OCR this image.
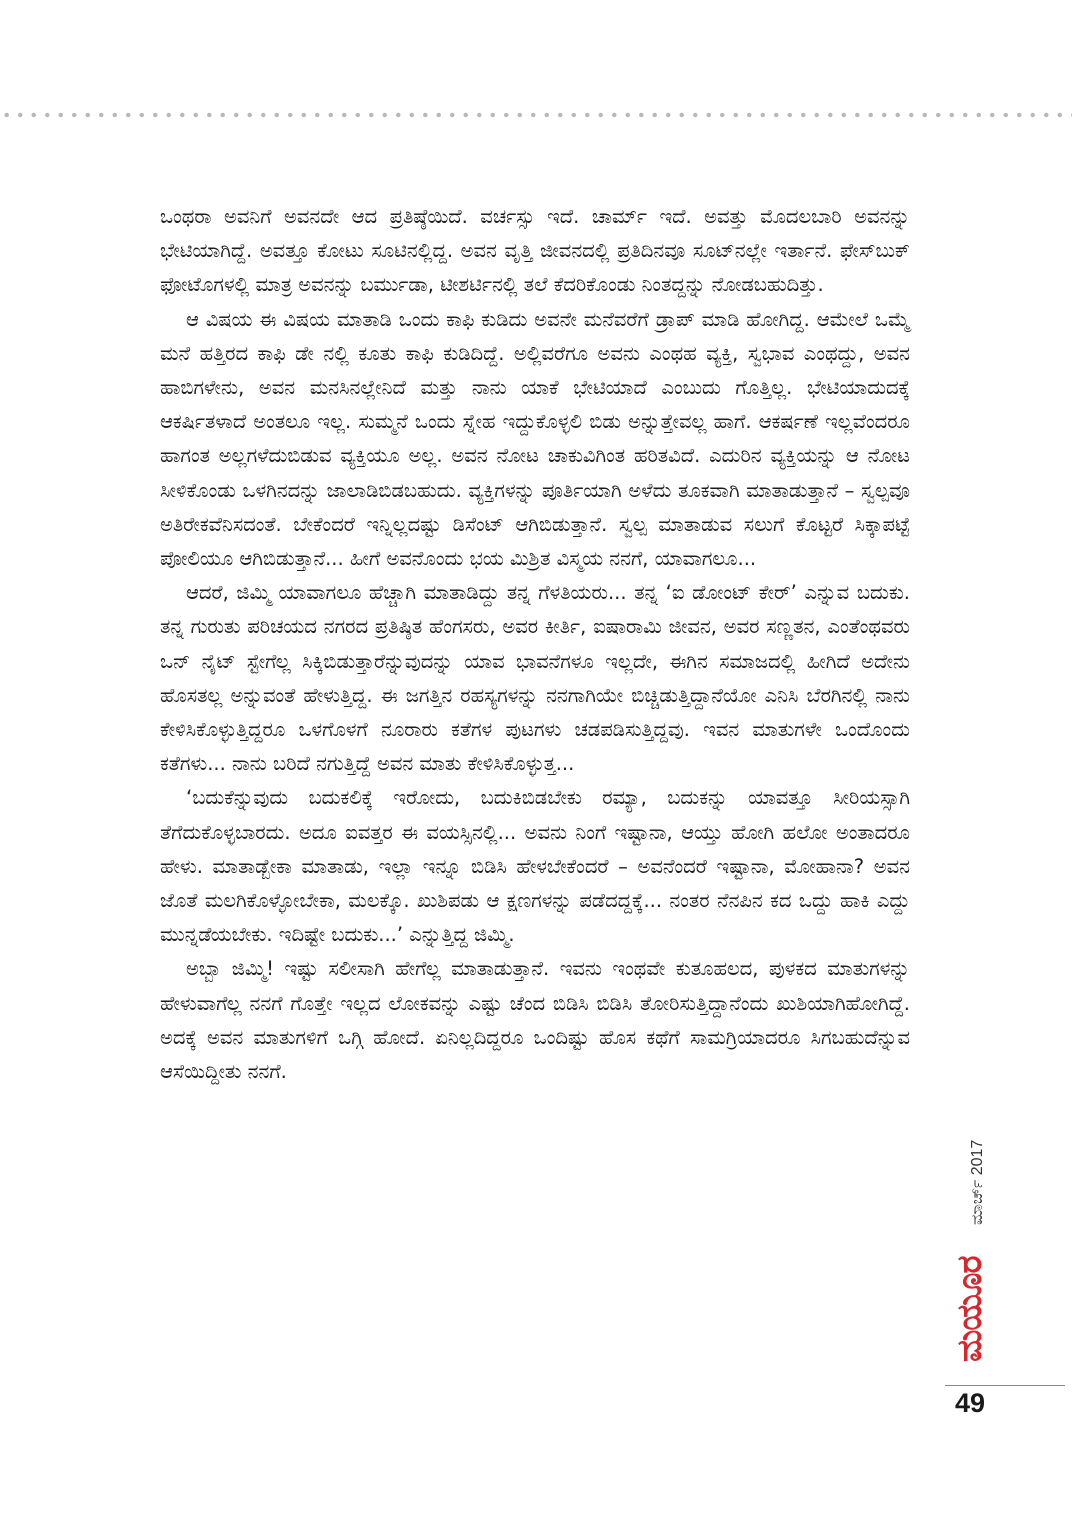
ಒಂಥರಾ ಅವನಿಗೆ ಅವನದೇ ಆದ ಪ್ರತಿಷ್ಠೆಯಿದೆ. ವರ್ಚಸ್ಸು ಇದೆ. ಚಾರ್ಮ್ ಇದೆ. ಅವತ್ತು ಮೊದಲಬಾರಿ ಅವನನ್ನು ಭೇಟಿಯಾಗಿದ್ದೆ. ಅವತ್ತೂ ಕೋಟು ಸೂಟಿನಲ್ಲಿದ್ದ. ಅವನ ವೃತ್ತಿ ಜೀವನದಲ್ಲಿ ಪ್ರತಿದಿನವೂ ಸೂಟ್‌ನಲ್ಲೇ ಇರ್ತಾನೆ. ಫೇಸ್‌ಬುಕ್ ಫೋಟೊಗಳಲ್ಲಿ ಮಾತ್ರ ಅವನನ್ನು ಬರ್ಮುಡಾ, ಟೀಶರ್ಟಿನಲ್ಲಿ ತಲೆ ಕೆದರಿಕೊಂಡು ನಿಂತದ್ದನ್ನು ನೋಡಬಹುದಿತ್ತು.

ಆ ವಿಷಯ ಈ ವಿಷಯ ಮಾತಾಡಿ ಒಂದು ಕಾಫಿ ಕುಡಿದು ಅವನೇ ಮನೆವರೆಗೆ ಡ್ರಾಪ್ ಮಾಡಿ ಹೋಗಿದ್ದ. ಆಮೇಲೆ ಒಮ್ಮೆ ಮನೆ ಹತ್ತಿರದ ಕಾಫಿ ಡೇ ನಲ್ಲಿ ಕೂತು ಕಾಫಿ ಕುಡಿದಿದ್ದೆ. ಅಲ್ಲಿವರೆಗೂ ಅವನು ಎಂಥಹ ವ್ಯಕ್ತಿ, ಸ್ವಭಾವ ಎಂಥದ್ದು, ಅವನ ಹಾಬಿಗಳೇನು, ಅವನ ಮನಸಿನಲ್ಲೇನಿದೆ ಮತ್ತು ನಾನು ಯಾಕೆ ಭೇಟಿಯಾದೆ ಎಂಬುದು ಗೊತ್ತಿಲ್ಲ. ಭೇಟಿಯಾದುದಕ್ಕೆ ಆಕರ್ಷಿತಳಾದೆ ಅಂತಲೂ ಇಲ್ಲ. ಸುಮ್ಮನೆ ಒಂದು ಸ್ನೇಹ ಇದ್ದುಕೊಳ್ಳಲಿ ಬಿಡು ಅನ್ನುತ್ತೇವಲ್ಲ ಹಾಗೆ. ಆಕರ್ಷಣೆ ಇಲ್ಲವೆಂದರೂ ಹಾಗಂತ ಅಲ್ಲಗಳೆದುಬಿಡುವ ವ್ಯಕ್ತಿಯೂ ಅಲ್ಲ. ಅವನ ನೋಟ ಚಾಕುವಿಗಿಂತ ಹರಿತವಿದೆ. ಎದುರಿನ ವ್ಯಕ್ತಿಯನ್ನು ಆ ನೋಟ ಸೀಳಿಕೊಂಡು ಒಳಗಿನದನ್ನು ಜಾಲಾಡಿಬಿಡಬಹುದು. ವ್ಯಕ್ತಿಗಳನ್ನು ಪೂರ್ತಿಯಾಗಿ ಅಳೆದು ತೂಕವಾಗಿ ಮಾತಾಡುತ್ತಾನೆ – ಸ್ವಲ್ಪವೂ ಅತಿರೇಕವೆನಿಸದಂತೆ. ಬೇಕೆಂದರೆ ಇನ್ನಿಲ್ಲದಷ್ಟು ಡಿಸೆಂಟ್ ಆಗಿಬಿಡುತ್ತಾನೆ. ಸ್ವಲ್ಪ ಮಾತಾಡುವ ಸಲುಗೆ ಕೊಟ್ಟರೆ ಸಿಕ್ಕಾಪಟ್ಟೆ ಪೋಲಿಯೂ ಆಗಿಬಿಡುತ್ತಾನೆ... ಹೀಗೆ ಅವನೊಂದು ಭಯ ಮಿಶ್ರಿತ ವಿಸ್ಮಯ ನನಗೆ, ಯಾವಾಗಲೂ...

ಆದರೆ, ಜಿಮ್ಮಿ ಯಾವಾಗಲೂ ಹೆಚ್ಚಾಗಿ ಮಾತಾಡಿದ್ದು ತನ್ನ ಗೆಳತಿಯರು... ತನ್ನ ‘ಐ ಡೋಂಟ್ ಕೇರ್’ ಎನ್ನುವ ಬದುಕು. ತನ್ನ ಗುರುತು ಪರಿಚಯದ ನಗರದ ಪ್ರತಿಷ್ಠಿತ ಹೆಂಗಸರು, ಅವರ ಕೀರ್ತಿ, ಐಷಾರಾಮಿ ಜೀವನ, ಅವರ ಸಣ್ಣತನ, ಎಂತೆಂಥವರು ಒನ್ ನೈಟ್ ಸ್ಟೇಗೆಲ್ಲ ಸಿಕ್ಕಿಬಿಡುತ್ತಾರೆನ್ನುವುದನ್ನು ಯಾವ ಭಾವನೆಗಳೂ ಇಲ್ಲದೇ, ಈಗಿನ ಸಮಾಜದಲ್ಲಿ ಹೀಗಿದೆ ಅದೇನು ಹೊಸತಲ್ಲ ಅನ್ನುವಂತೆ ಹೇಳುತ್ತಿದ್ದ. ಈ ಜಗತ್ತಿನ ರಹಸ್ಯಗಳನ್ನು ನನಗಾಗಿಯೇ ಬಿಚ್ಚಿಡುತ್ತಿದ್ದಾನೆಯೋ ಎನಿಸಿ ಬೆರಗಿನಲ್ಲಿ ನಾನು ಕೇಳಿಸಿಕೊಳ್ಳುತ್ತಿದ್ದರೂ ಒಳಗೊಳಗೆ ನೂರಾರು ಕತೆಗಳ ಪುಟಗಳು ಚಡಪಡಿಸುತ್ತಿದ್ದವು. ಇವನ ಮಾತುಗಳೇ ಒಂದೊಂದು ಕತೆಗಳು... ನಾನು ಬರಿದೆ ನಗುತ್ತಿದ್ದೆ ಅವನ ಮಾತು ಕೇಳಿಸಿಕೊಳ್ಳುತ್ತ...

‘ಬದುಕೆನ್ನುವುದು ಬದುಕಲಿಕ್ಕೆ ಇರೋದು, ಬದುಕಿಬಿಡಬೇಕು ರಮ್ಯಾ, ಬದುಕನ್ನು ಯಾವತ್ತೂ ಸೀರಿಯಸ್ಸಾಗಿ ತೆಗೆದುಕೊಳ್ಳಬಾರದು. ಅದೂ ಐವತ್ತರ ಈ ವಯಸ್ಸಿನಲ್ಲಿ... ಅವನು ನಿಂಗೆ ಇಷ್ಟಾನಾ, ಆಯ್ತು ಹೋಗಿ ಹಲೋ ಅಂತಾದರೂ ಹೇಳು. ಮಾತಾಡ್ಬೇಕಾ ಮಾತಾಡು, ಇಲ್ಲಾ ಇನ್ನೂ ಬಿಡಿಸಿ ಹೇಳಬೇಕೆಂದರೆ – ಅವನೆಂದರೆ ಇಷ್ಟಾನಾ, ಮೋಹಾನಾ? ಅವನ ಜೊತೆ ಮಲಗಿಕೊಳ್ಳೋಬೇಕಾ, ಮಲಕ್ಕೊ. ಖುಶಿಪಡು ಆ ಕ್ಷಣಗಳನ್ನು ಪಡೆದದ್ದಕ್ಕೆ... ನಂತರ ನೆನಪಿನ ಕದ ಒದ್ದು ಹಾಕಿ ಎದ್ದು ಮುನ್ನಡೆಯಬೇಕು. ಇದಿಷ್ಟೇ ಬದುಕು...’ ಎನ್ನುತ್ತಿದ್ದ ಜಿಮ್ಮಿ.

ಅಬ್ಬಾ ಜಿಮ್ಮಿ! ಇಷ್ಟು ಸಲೀಸಾಗಿ ಹೇಗೆಲ್ಲ ಮಾತಾಡುತ್ತಾನೆ. ಇವನು ಇಂಥವೇ ಕುತೂಹಲದ, ಪುಳಕದ ಮಾತುಗಳನ್ನು ಹೇಳುವಾಗೆಲ್ಲ ನನಗೆ ಗೊತ್ತೇ ಇಲ್ಲದ ಲೋಕವನ್ನು ಎಷ್ಟು ಚೆಂದ ಬಿಡಿಸಿ ಬಿಡಿಸಿ ತೋರಿಸುತ್ತಿದ್ದಾನೆಂದು ಖುಶಿಯಾಗಿಹೋಗಿದ್ದೆ. ಅದಕ್ಕೆ ಅವನ ಮಾತುಗಳಿಗೆ ಒಗ್ಗಿ ಹೋದೆ. ಏನಿಲ್ಲದಿದ್ದರೂ ಒಂದಿಷ್ಟು ಹೊಸ ಕಥೆಗೆ ಸಾಮಗ್ರಿಯಾದರೂ ಸಿಗಬಹುದೆನ್ನುವ ಆಸೆಯಿದ್ದೀತು ನನಗೆ.

ಮಾರ್ಚ್ 2017
ಮಯೂರ
49
